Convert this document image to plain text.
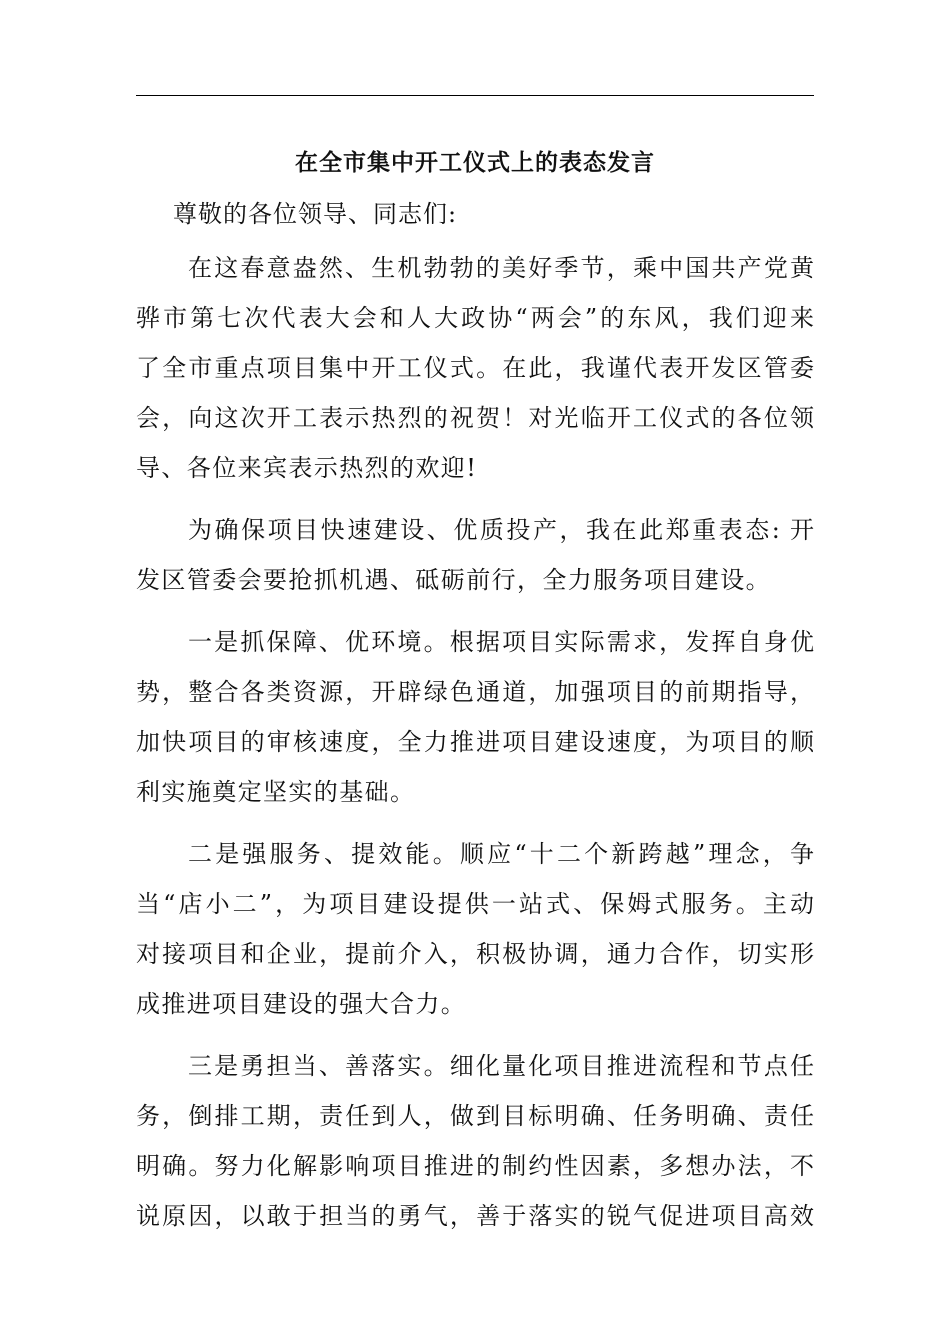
在全市集中开工仪式上的表态发言
尊敬的各位领导、同志们:
在这春意盎然、生机勃勃的美好季节，乘中国共产党黄
骅市第七次代表大会和人大政协“两会”的东风，我们迎来
了全市重点项目集中开工仪式。在此，我谨代表开发区管委
会，向这次开工表示热烈的祝贺！对光临开工仪式的各位领
导、各位来宾表示热烈的欢迎!
为确保项目快速建设、优质投产，我在此郑重表态: 开
发区管委会要抢抓机遇、砥砺前行，全力服务项目建设。
一是抓保障、优环境。根据项目实际需求，发挥自身优
势，整合各类资源，开辟绿色通道，加强项目的前期指导，
加快项目的审核速度，全力推进项目建设速度，为项目的顺
利实施奠定坚实的基础。
二是强服务、提效能。顺应“十二个新跨越”理念，争
当“店小二”，为项目建设提供一站式、保姆式服务。主动
对接项目和企业，提前介入，积极协调，通力合作，切实形
成推进项目建设的强大合力。
三是勇担当、善落实。细化量化项目推进流程和节点任
务，倒排工期，责任到人，做到目标明确、任务明确、责任
明确。努力化解影响项目推进的制约性因素，多想办法，不
说原因，以敢于担当的勇气，善于落实的锐气促进项目高效
